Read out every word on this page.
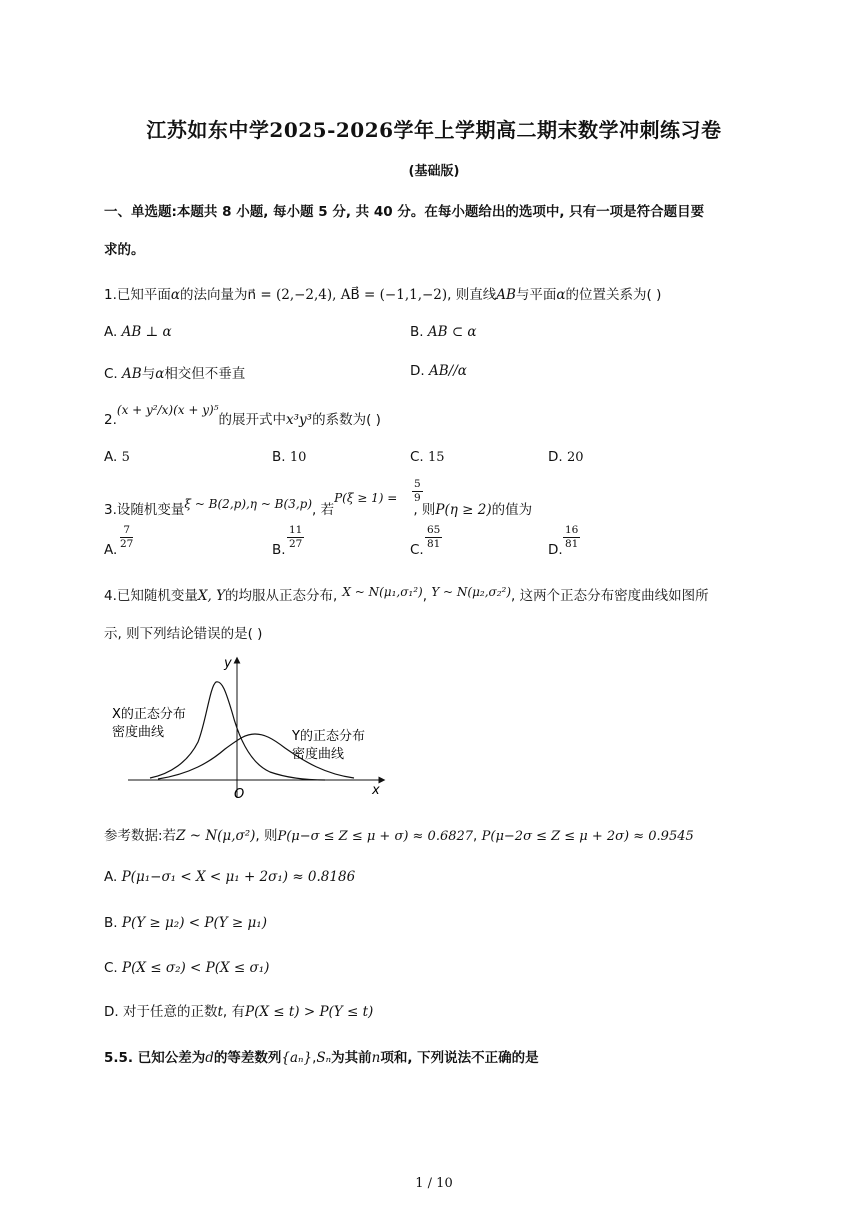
江苏如东中学2025-2026学年上学期高二期末数学冲刺练习卷
(基础版)
一、单选题:本题共 8 小题, 每小题 5 分, 共 40 分。在每小题给出的选项中, 只有一项是符合题目要
求的。
1.已知平面α的法向量为n⃗ = (2,−2,4), AB⃗ = (−1,1,−2), 则直线AB与平面α的位置关系为( )
A. AB ⊥ α	B. AB ⊂ α
C. AB与α相交但不垂直	D. AB//α
2.$^{(x + y^2/x)(x + y)^5}$的展开式中x³y³的系数为( )
A. 5	B. 10	C. 15	D. 20
3.设随机变量$^{\xi \sim B(2,p),\eta \sim B(3,p)}$, 若$^{P(\xi \ge 1) =}$, 则P(η ≥ 2)的值为
$\frac{5}{9}$
A. $\frac{7}{27}$	B. $\frac{11}{27}$	C. $\frac{65}{81}$	D. $\frac{16}{81}$
4.已知随机变量X, Y的均服从正态分布, $^{X \sim N(\mu_1,\sigma_1^2)}$, $^{Y \sim N(\mu_2,\sigma_2^2)}$, 这两个正态分布密度曲线如图所
示, 则下列结论错误的是( )
y
x
O
X的正态分布
密度曲线	Y的正态分布
密度曲线
参考数据:若Z ~ N(μ,σ²), 则P(μ−σ ≤ Z ≤ μ + σ) ≈ 0.6827, P(μ−2σ ≤ Z ≤ μ + 2σ) ≈ 0.9545
A. P(μ₁−σ₁ < X < μ₁ + 2σ₁) ≈ 0.8186
B. P(Y ≥ μ₂) < P(Y ≥ μ₁)
C. P(X ≤ σ₂) < P(X ≤ σ₁)
D. 对于任意的正数t, 有P(X ≤ t) > P(Y ≤ t)
5.5. 已知公差为d的等差数列{aₙ},Sₙ为其前n项和, 下列说法不正确的是
1 / 10
